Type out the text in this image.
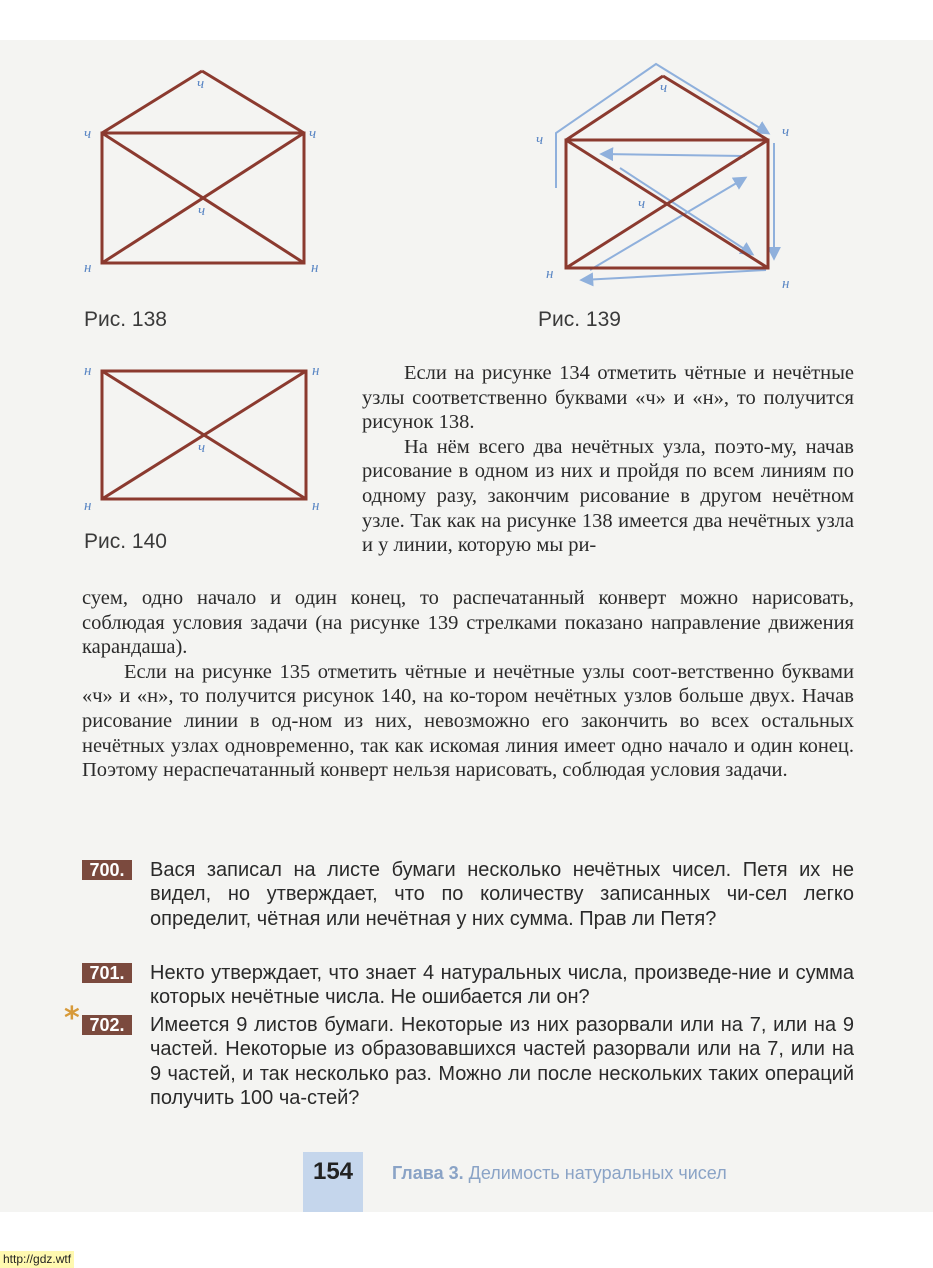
ч
ч	ч
ч
н	н
Рис. 138
ч
ч	ч
ч
н
н
Рис. 139
н	н
ч
н	н
Рис. 140

Если на рисунке 134 отметить чётные и нечётные узлы соответственно буквами «ч» и «н», то получится рисунок 138.

На нём всего два нечётных узла, поэто-му, начав рисование в одном из них и пройдя по всем линиям по одному разу, закончим рисование в другом нечётном узле. Так как на рисунке 138 имеется два нечётных узла и у линии, которую мы ри-

суем, одно начало и один конец, то распечатанный конверт можно нарисовать, соблюдая условия задачи (на рисунке 139 стрелками показано направление движения карандаша).

Если на рисунке 135 отметить чётные и нечётные узлы соот-ветственно буквами «ч» и «н», то получится рисунок 140, на ко-тором нечётных узлов больше двух. Начав рисование линии в од-ном из них, невозможно его закончить во всех остальных нечётных узлах одновременно, так как искомая линия имеет одно начало и один конец. Поэтому нераспечатанный конверт нельзя нарисовать, соблюдая условия задачи.

700.	Вася записал на листе бумаги несколько нечётных чисел. Петя их не видел, но утверждает, что по количеству записанных чи-сел легко определит, чётная или нечётная у них сумма. Прав ли Петя?
701.	Некто утверждает, что знает 4 натуральных числа, произведе-ние и сумма которых нечётные числа. Не ошибается ли он?
* 702.	Имеется 9 листов бумаги. Некоторые из них разорвали или на 7, или на 9 частей. Некоторые из образовавшихся частей разорвали или на 7, или на 9 частей, и так несколько раз. Можно ли после нескольких таких операций получить 100 ча-стей?
154	Глава 3. Делимость натуральных чисел
http://gdz.wtf
